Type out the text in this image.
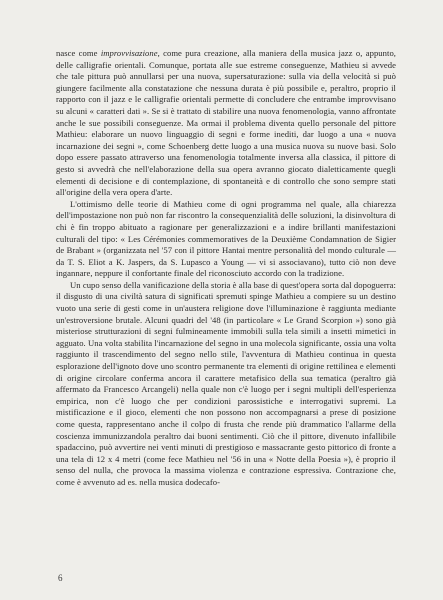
nasce come improvvisazione, come pura creazione, alla maniera della musica jazz o, appunto, delle calligrafie orientali. Comunque, portata alle sue estreme conseguenze, Mathieu si avvede che tale pittura può annullarsi per una nuova, supersaturazione: sulla via della velocità si può giungere facilmente alla constatazione che nessuna durata è più possibile e, peraltro, proprio il rapporto con il jazz e le calligrafie orientali permette di concludere che entrambe improvvisano su alcuni « caratteri dati ». Se si è trattato di stabilire una nuova fenomenologia, vanno affrontate anche le sue possibili conseguenze. Ma ormai il problema diventa quello personale del pittore Mathieu: elaborare un nuovo linguaggio di segni e forme inediti, dar luogo a una « nuova incarnazione dei segni », come Schoenberg dette luogo a una musica nuova su nuove basi. Solo dopo essere passato attraverso una fenomenologia totalmente inversa alla classica, il pittore di gesto si avvedrà che nell'elaborazione della sua opera avranno giocato dialetticamente quegli elementi di decisione e di contemplazione, di spontaneità e di controllo che sono sempre stati all'origine della vera opera d'arte.

L'ottimismo delle teorie di Mathieu come di ogni programma nel quale, alla chiarezza dell'impostazione non può non far riscontro la consequenzialità delle soluzioni, la disinvoltura di chi è fin troppo abituato a ragionare per generalizzazioni e a indire brillanti manifestazioni culturali del tipo: « Les Cérémonies commemoratives de la Deuxième Condamnation de Sigier de Brabant » (organizzata nel '57 con il pittore Hantai mentre personalità del mondo culturale — da T. S. Eliot a K. Jaspers, da S. Lupasco a Young — vi si associavano), tutto ciò non deve ingannare, neppure il confortante finale del riconosciuto accordo con la tradizione.

Un cupo senso della vanificazione della storia è alla base di quest'opera sorta dal dopoguerra: il disgusto di una civiltà satura di significati spremuti spinge Mathieu a compiere su un destino vuoto una serie di gesti come in un'austera religione dove l'illuminazione è raggiunta mediante un'estroversione brutale. Alcuni quadri del '48 (in particolare « Le Grand Scorpion ») sono già misteriose strutturazioni di segni fulmineamente immobili sulla tela simili a insetti mimetici in agguato. Una volta stabilita l'incarnazione del segno in una molecola significante, ossia una volta raggiunto il trascendimento del segno nello stile, l'avventura di Mathieu continua in questa esplorazione dell'ignoto dove uno scontro permanente tra elementi di origine rettilinea e elementi di origine circolare conferma ancora il carattere metafisico della sua tematica (peraltro già affermato da Francesco Arcangeli) nella quale non c'è luogo per i segni multipli dell'esperienza empirica, non c'è luogo che per condizioni parossistiche e interrogativi supremi. La mistificazione e il gioco, elementi che non possono non accompagnarsi a prese di posizione come questa, rappresentano anche il colpo di frusta che rende più drammatico l'allarme della coscienza immunizzandola peraltro dai buoni sentimenti. Ciò che il pittore, divenuto infallibile spadaccino, può avvertire nei venti minuti di prestigioso e massacrante gesto pittorico di fronte a una tela di 12 x 4 metri (come fece Mathieu nel '56 in una « Notte della Poesia »), è proprio il senso del nulla, che provoca la massima violenza e contrazione espressiva. Contrazione che, come è avvenuto ad es. nella musica dodecafo-

6
